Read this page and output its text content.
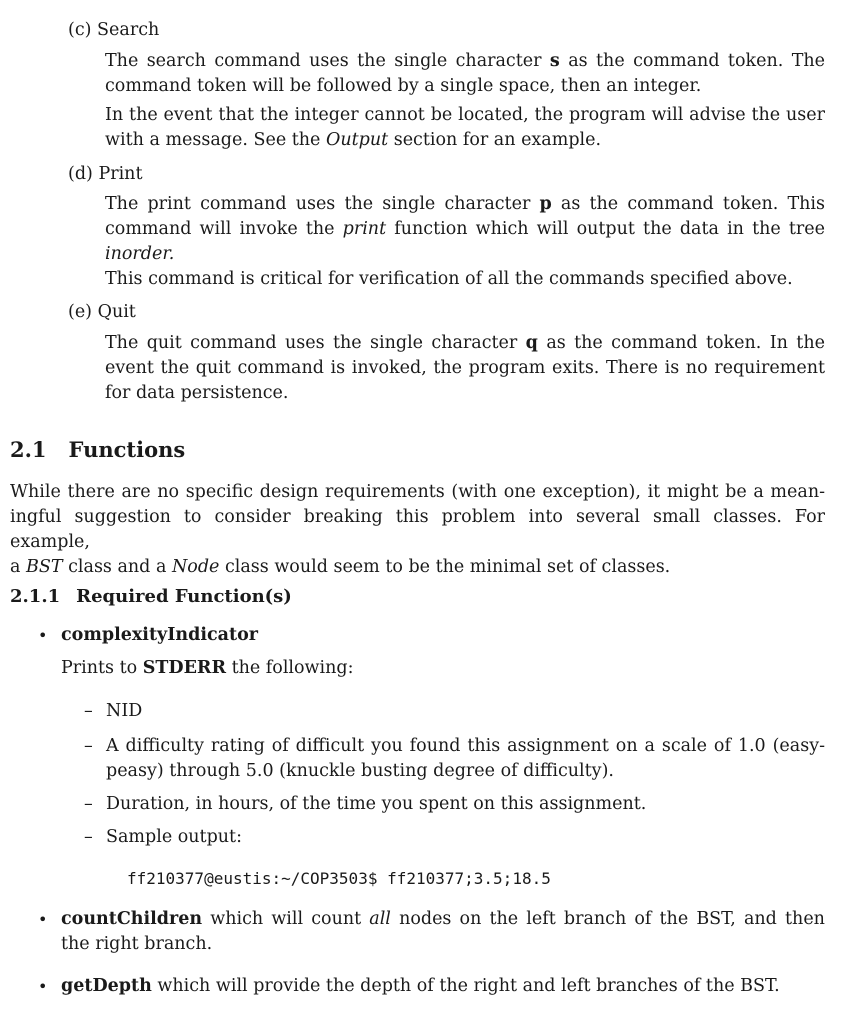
(c) Search
The search command uses the single character s as the command token. The
command token will be followed by a single space, then an integer.
In the event that the integer cannot be located, the program will advise the user
with a message. See the Output section for an example.
(d) Print
The print command uses the single character p as the command token. This
command will invoke the print function which will output the data in the tree
inorder.
This command is critical for verification of all the commands specified above.
(e) Quit
The quit command uses the single character q as the command token. In the
event the quit command is invoked, the program exits. There is no requirement
for data persistence.
2.1 Functions
While there are no specific design requirements (with one exception), it might be a mean-
ingful suggestion to consider breaking this problem into several small classes. For example,
a BST class and a Node class would seem to be the minimal set of classes.
2.1.1 Required Function(s)
• complexityIndicator
Prints to STDERR the following:
– NID
– A difficulty rating of difficult you found this assignment on a scale of 1.0 (easy-
peasy) through 5.0 (knuckle busting degree of difficulty).
– Duration, in hours, of the time you spent on this assignment.
– Sample output:
ff210377@eustis:~/COP3503$ ff210377;3.5;18.5
• countChildren which will count all nodes on the left branch of the BST, and then
the right branch.
• getDepth which will provide the depth of the right and left branches of the BST.
